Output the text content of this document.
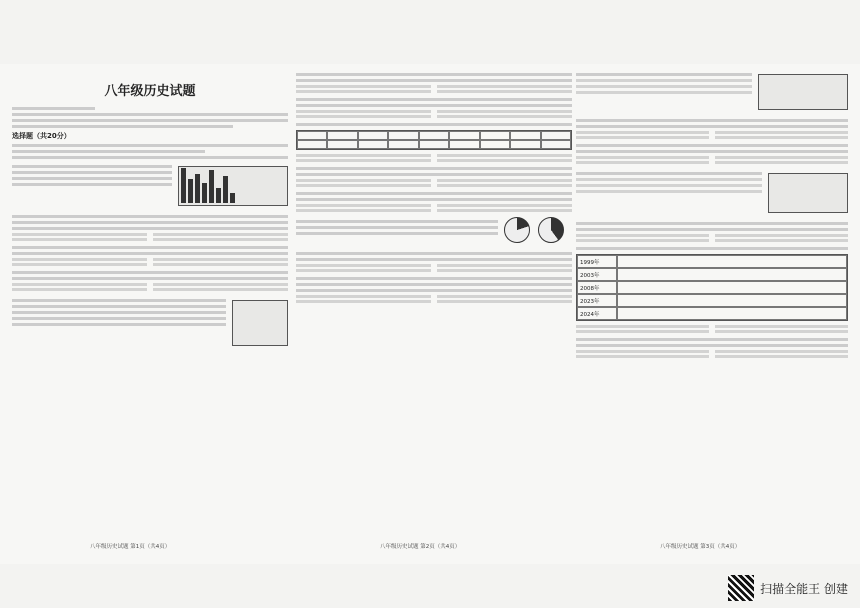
八年级历史试题
选择题（共20分）
1999年
2003年
2008年
2023年
2024年
八年级历史试题 第1页（共4页）	八年级历史试题 第2页（共4页）	八年级历史试题 第3页（共4页）
扫描全能王 创建
